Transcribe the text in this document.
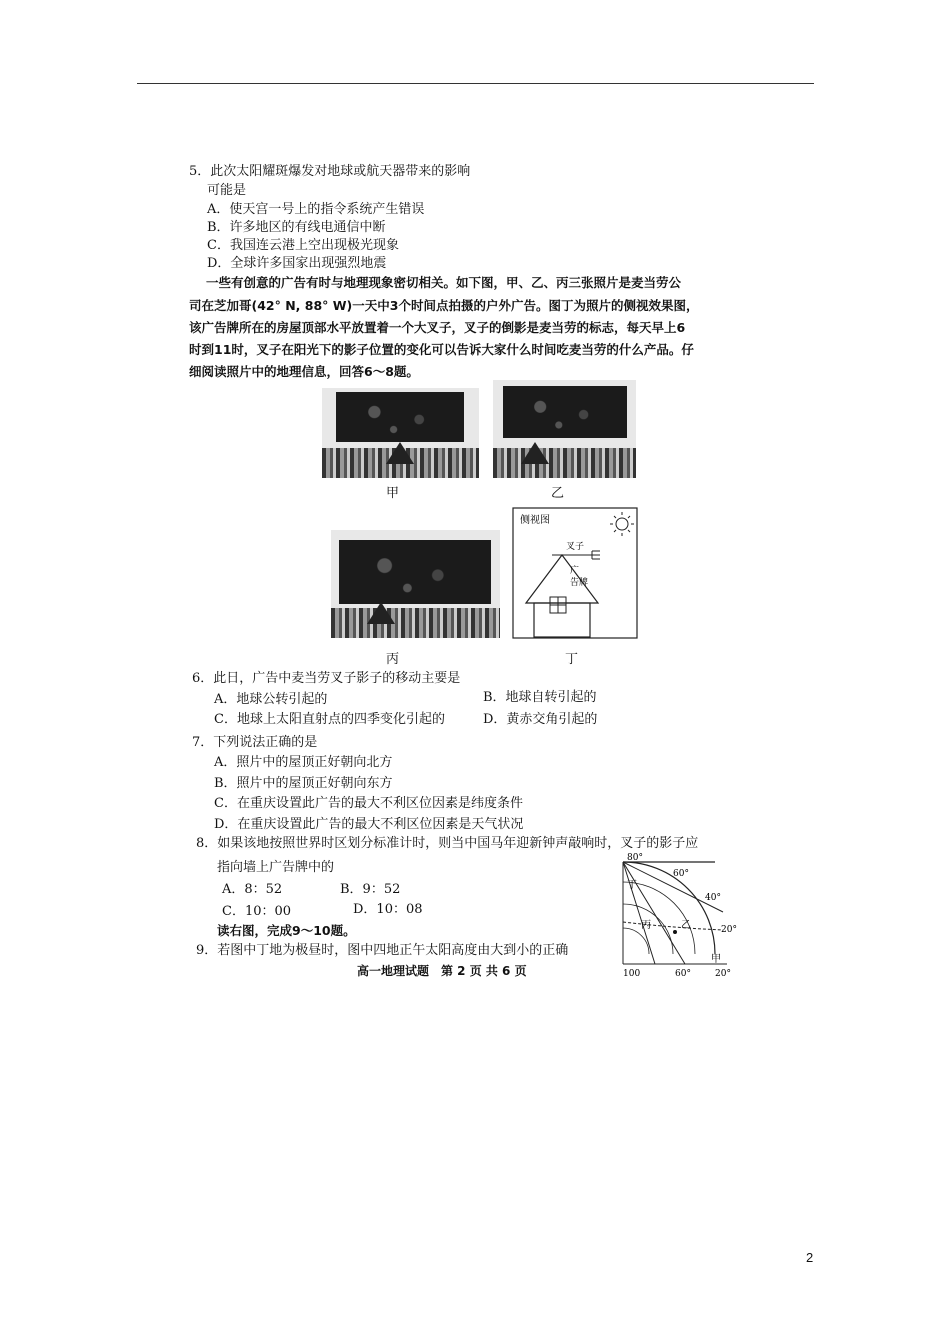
5．此次太阳耀斑爆发对地球或航天器带来的影响
可能是
A．使天宫一号上的指令系统产生错误
B．许多地区的有线电通信中断
C．我国连云港上空出现极光现象
D．全球许多国家出现强烈地震
一些有创意的广告有时与地理现象密切相关。如下图，甲、乙、丙三张照片是麦当劳公
司在芝加哥(42° N, 88° W)一天中3个时间点拍摄的户外广告。图丁为照片的侧视效果图，
该广告牌所在的房屋顶部水平放置着一个大叉子，叉子的倒影是麦当劳的标志，每天早上6
时到11时，叉子在阳光下的影子位置的变化可以告诉大家什么时间吃麦当劳的什么产品。仔
细阅读照片中的地理信息，回答6～8题。
甲	乙
丙
侧视图
叉子
广
告牌
丁
6．此日，广告中麦当劳叉子影子的移动主要是
A．地球公转引起的	B．地球自转引起的
C．地球上太阳直射点的四季变化引起的	D．黄赤交角引起的
7．下列说法正确的是
A．照片中的屋顶正好朝向北方
B．照片中的屋顶正好朝向东方
C．在重庆设置此广告的最大不利区位因素是纬度条件
D．在重庆设置此广告的最大不利区位因素是天气状况
8．如果该地按照世界时区划分标准计时，则当中国马年迎新钟声敲响时，叉子的影子应
指向墙上广告牌中的
A．8：52	B．9：52
C．10：00	D．10：08
读右图，完成9～10题。
9．若图中丁地为极昼时，图中四地正午太阳高度由大到小的正确
80°
60°
40°
20°
100	60°	20°
丁
丙	乙
甲
高一地理试题　第 2 页 共 6 页
2
